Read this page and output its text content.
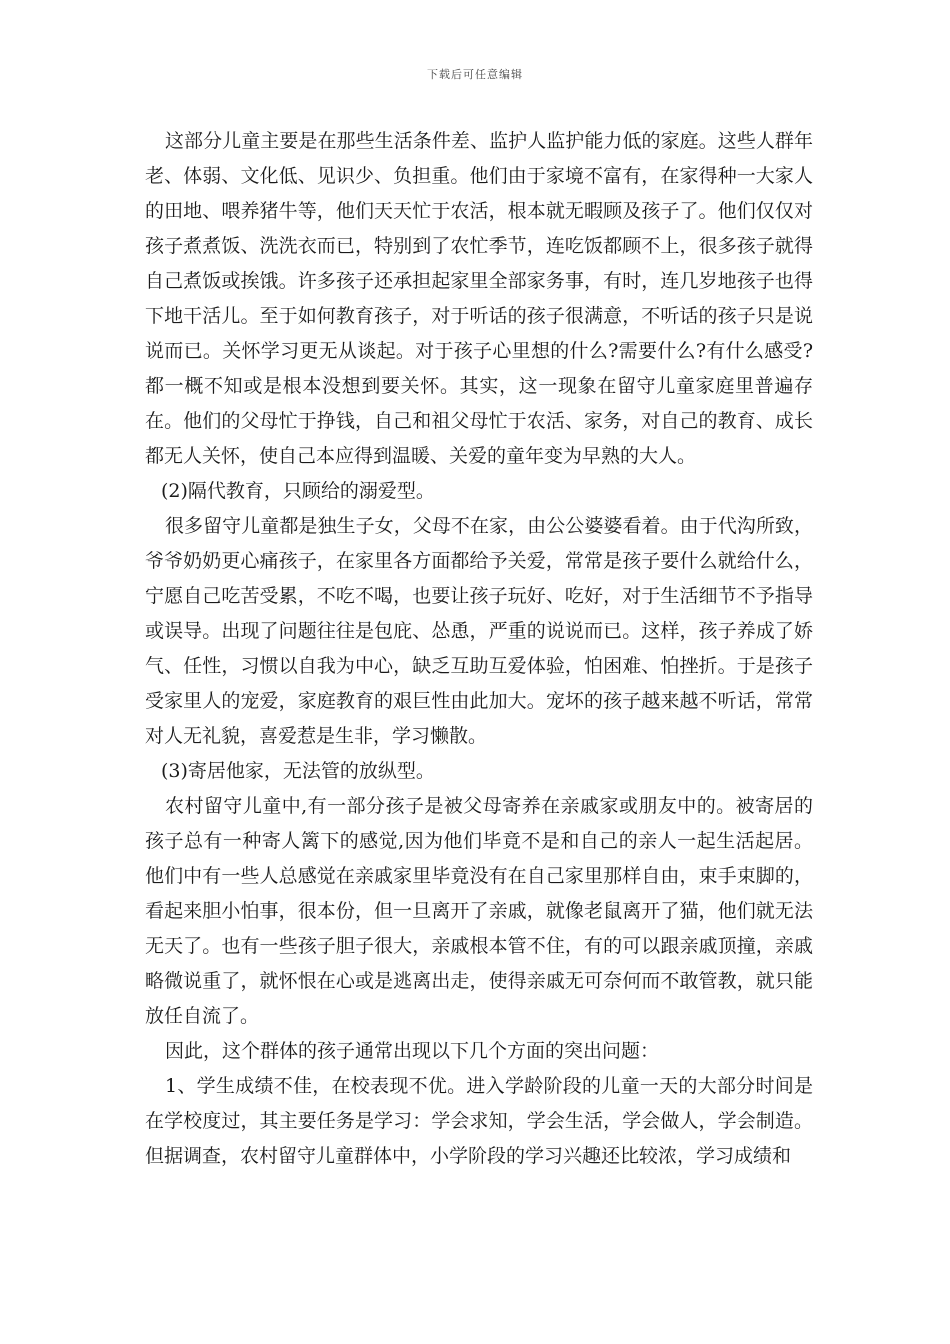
下载后可任意编辑

这部分儿童主要是在那些生活条件差、监护人监护能力低的家庭。这些人群年老、体弱、文化低、见识少、负担重。他们由于家境不富有，在家得种一大家人的田地、喂养猪牛等，他们天天忙于农活，根本就无暇顾及孩子了。他们仅仅对孩子煮煮饭、洗洗衣而已，特别到了农忙季节，连吃饭都顾不上，很多孩子就得自己煮饭或挨饿。许多孩子还承担起家里全部家务事，有时，连几岁地孩子也得下地干活儿。至于如何教育孩子，对于听话的孩子很满意，不听话的孩子只是说说而已。关怀学习更无从谈起。对于孩子心里想的什么?需要什么?有什么感受?都一概不知或是根本没想到要关怀。其实，这一现象在留守儿童家庭里普遍存在。他们的父母忙于挣钱，自己和祖父母忙于农活、家务，对自己的教育、成长都无人关怀，使自己本应得到温暖、关爱的童年变为早熟的大人。

(2)隔代教育，只顾给的溺爱型。

很多留守儿童都是独生子女，父母不在家，由公公婆婆看着。由于代沟所致，爷爷奶奶更心痛孩子，在家里各方面都给予关爱，常常是孩子要什么就给什么，宁愿自己吃苦受累，不吃不喝，也要让孩子玩好、吃好，对于生活细节不予指导或误导。出现了问题往往是包庇、怂恿，严重的说说而已。这样，孩子养成了娇气、任性，习惯以自我为中心，缺乏互助互爱体验，怕困难、怕挫折。于是孩子受家里人的宠爱，家庭教育的艰巨性由此加大。宠坏的孩子越来越不听话，常常对人无礼貌，喜爱惹是生非，学习懒散。

(3)寄居他家，无法管的放纵型。

农村留守儿童中,有一部分孩子是被父母寄养在亲戚家或朋友中的。被寄居的孩子总有一种寄人篱下的感觉,因为他们毕竟不是和自己的亲人一起生活起居。他们中有一些人总感觉在亲戚家里毕竟没有在自己家里那样自由，束手束脚的，看起来胆小怕事，很本份，但一旦离开了亲戚，就像老鼠离开了猫，他们就无法无天了。也有一些孩子胆子很大，亲戚根本管不住，有的可以跟亲戚顶撞，亲戚略微说重了，就怀恨在心或是逃离出走，使得亲戚无可奈何而不敢管教，就只能放任自流了。

因此，这个群体的孩子通常出现以下几个方面的突出问题：

1、学生成绩不佳，在校表现不优。进入学龄阶段的儿童一天的大部分时间是在学校度过，其主要任务是学习：学会求知，学会生活，学会做人，学会制造。但据调查，农村留守儿童群体中，小学阶段的学习兴趣还比较浓，学习成绩和
